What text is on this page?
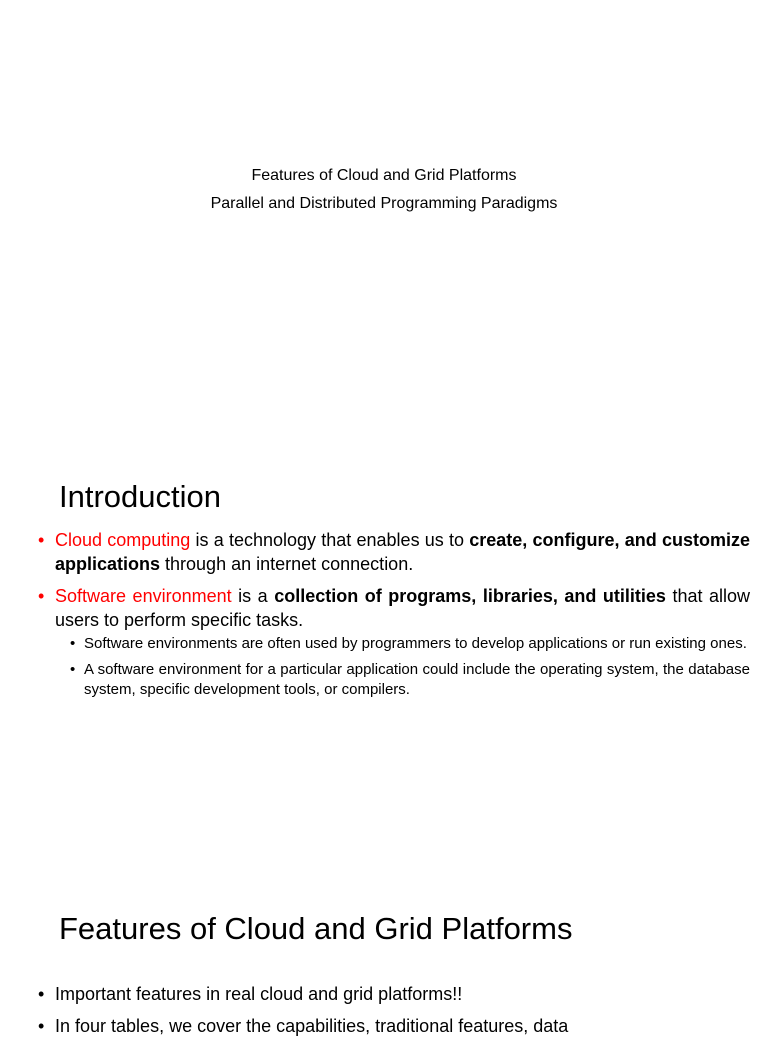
Features of Cloud and Grid Platforms
Parallel and Distributed Programming Paradigms
Introduction
• Cloud computing is a technology that enables us to create, configure, and customize applications through an internet connection.
• Software environment is a collection of programs, libraries, and utilities that allow users to perform specific tasks.
• Software environments are often used by programmers to develop applications or run existing ones.
• A software environment for a particular application could include the operating system, the database system, specific development tools, or compilers.
Features of Cloud and Grid Platforms
• Important features in real cloud and grid platforms!!
• In four tables, we cover the capabilities, traditional features, data
